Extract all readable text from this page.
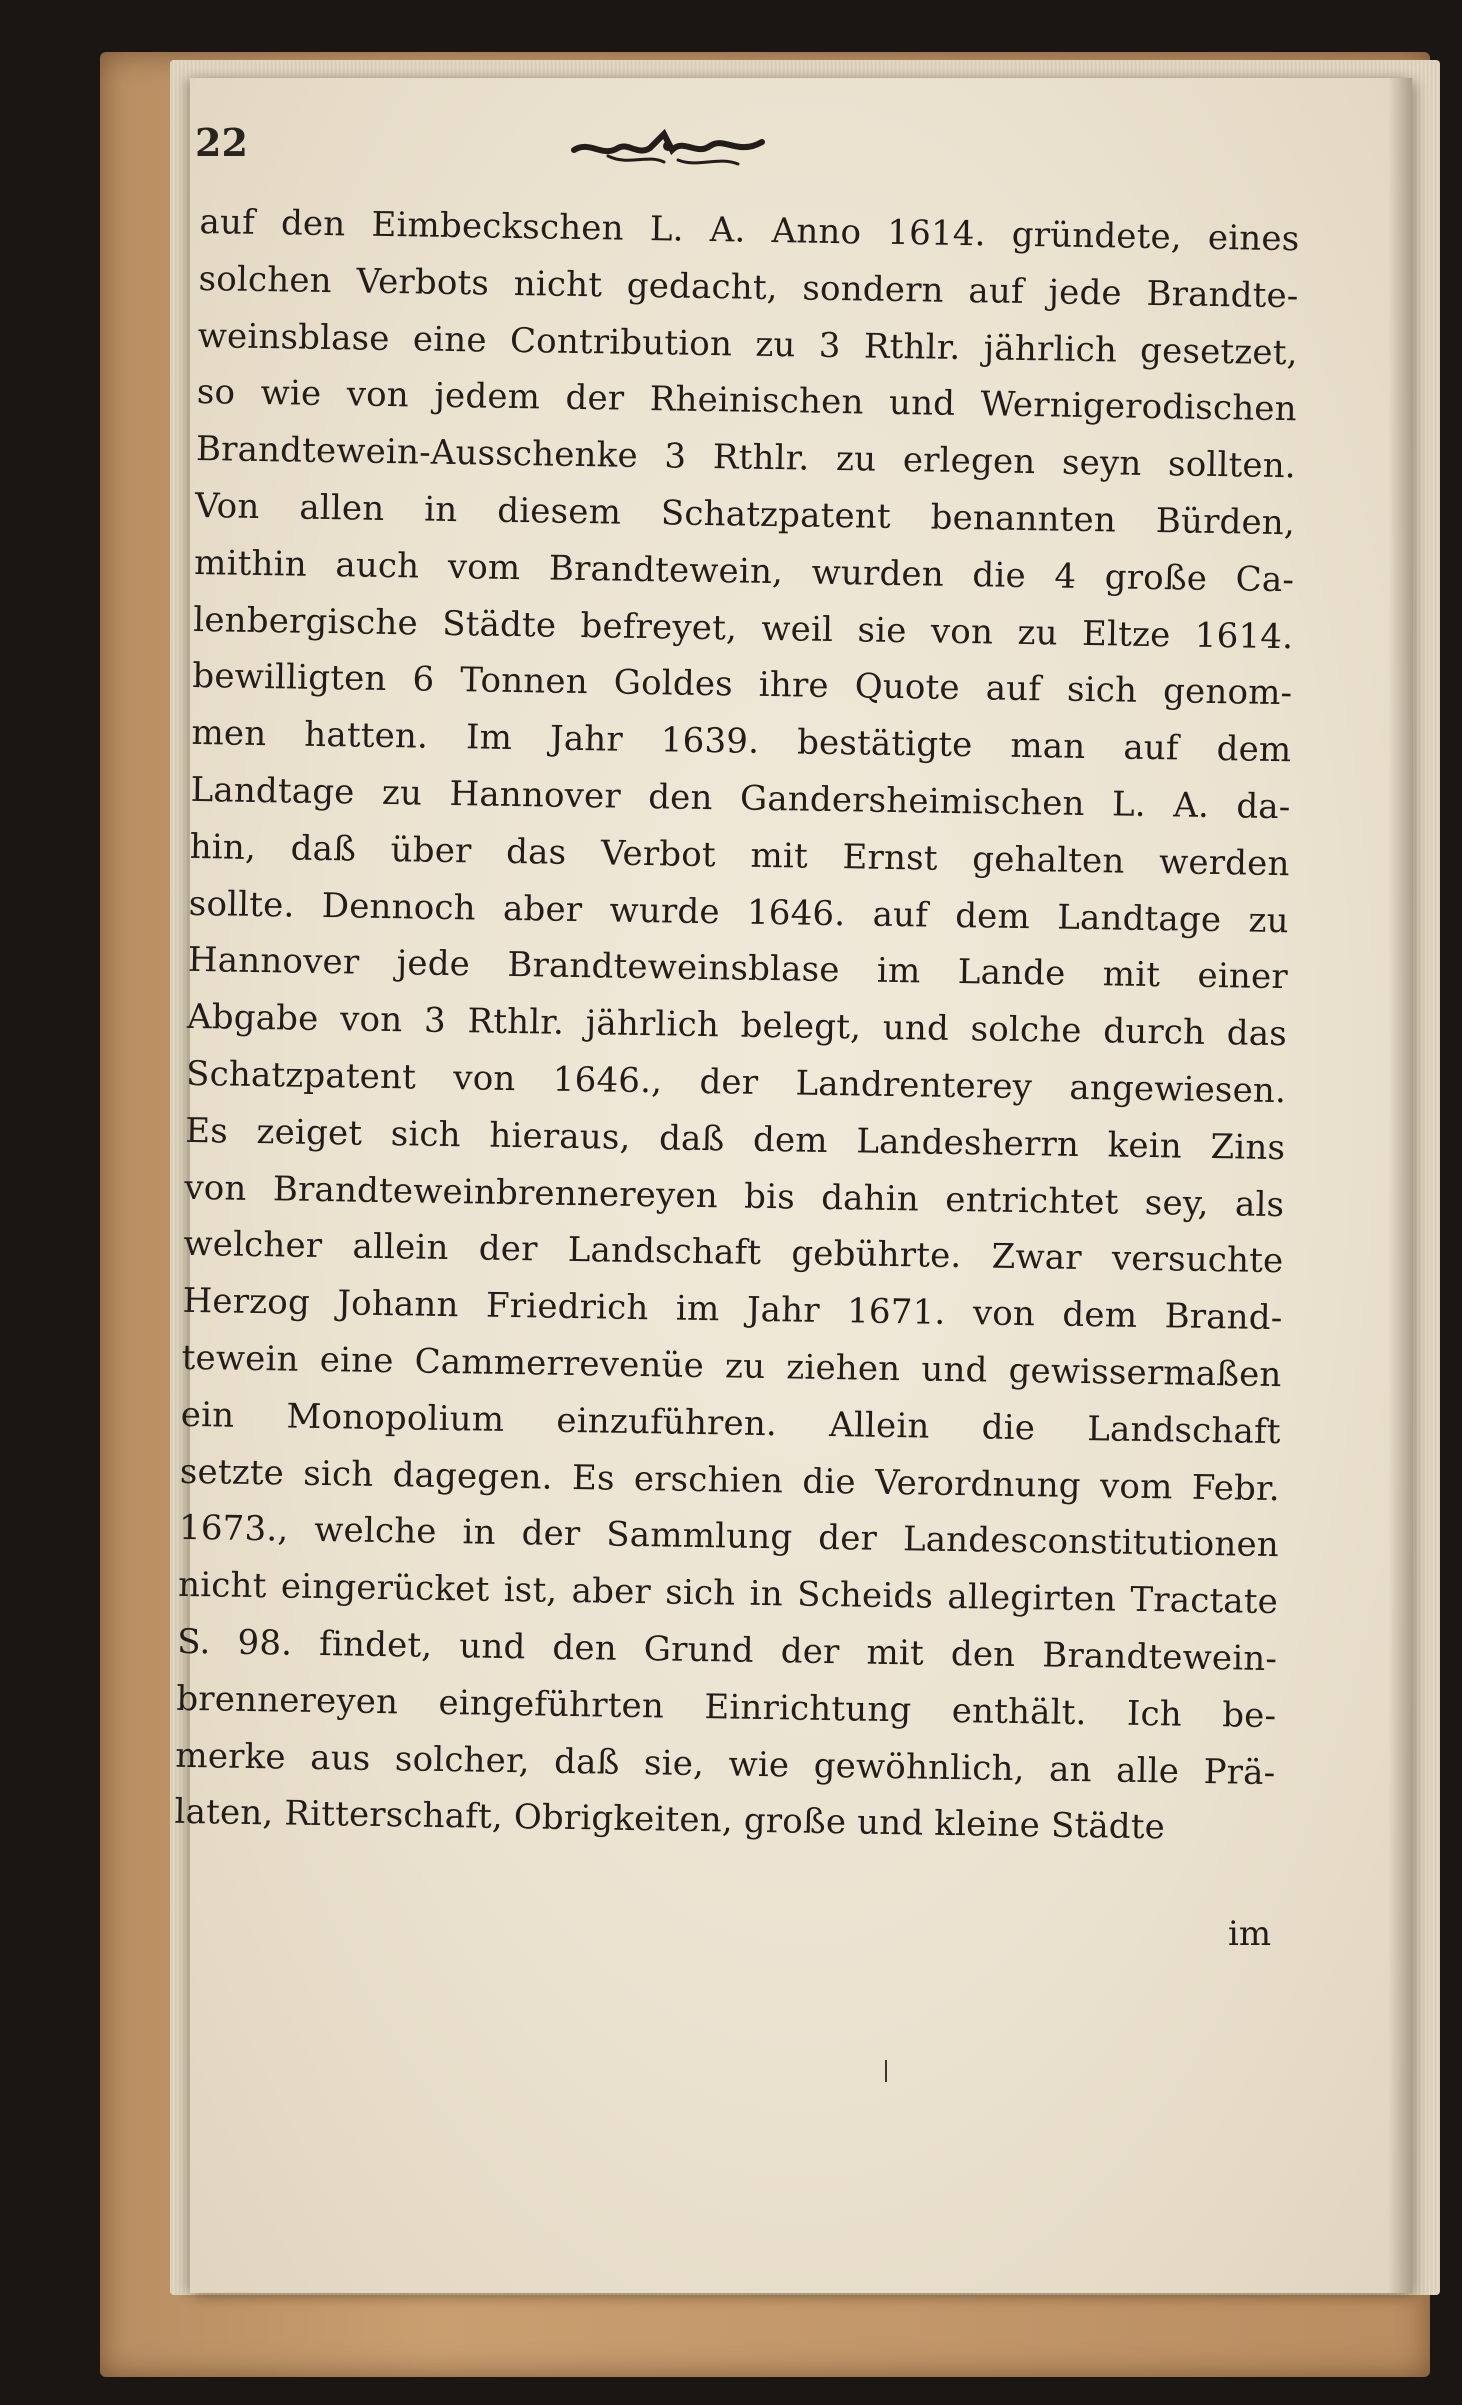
22
auf den Eimbeckschen L. A. Anno 1614. gründete, eines
solchen Verbots nicht gedacht, sondern auf jede Brandte-
weinsblase eine Contribution zu 3 Rthlr. jährlich gesetzet,
so wie von jedem der Rheinischen und Wernigerodischen
Brandtewein-Ausschenke 3 Rthlr. zu erlegen seyn sollten.
Von allen in diesem Schatzpatent benannten Bürden,
mithin auch vom Brandtewein, wurden die 4 große Ca-
lenbergische Städte befreyet, weil sie von zu Eltze 1614.
bewilligten 6 Tonnen Goldes ihre Quote auf sich genom-
men hatten. Im Jahr 1639. bestätigte man auf dem
Landtage zu Hannover den Gandersheimischen L. A. da-
hin, daß über das Verbot mit Ernst gehalten werden
sollte. Dennoch aber wurde 1646. auf dem Landtage zu
Hannover jede Brandteweinsblase im Lande mit einer
Abgabe von 3 Rthlr. jährlich belegt, und solche durch das
Schatzpatent von 1646., der Landrenterey angewiesen.
Es zeiget sich hieraus, daß dem Landesherrn kein Zins
von Brandteweinbrennereyen bis dahin entrichtet sey, als
welcher allein der Landschaft gebührte. Zwar versuchte
Herzog Johann Friedrich im Jahr 1671. von dem Brand-
tewein eine Cammerrevenüe zu ziehen und gewissermaßen
ein Monopolium einzuführen. Allein die Landschaft
setzte sich dagegen. Es erschien die Verordnung vom Febr.
1673., welche in der Sammlung der Landesconstitutionen
nicht eingerücket ist, aber sich in Scheids allegirten Tractate
S. 98. findet, und den Grund der mit den Brandtewein-
brennereyen eingeführten Einrichtung enthält. Ich be-
merke aus solcher, daß sie, wie gewöhnlich, an alle Prä-
laten, Ritterschaft, Obrigkeiten, große und kleine Städte
im
